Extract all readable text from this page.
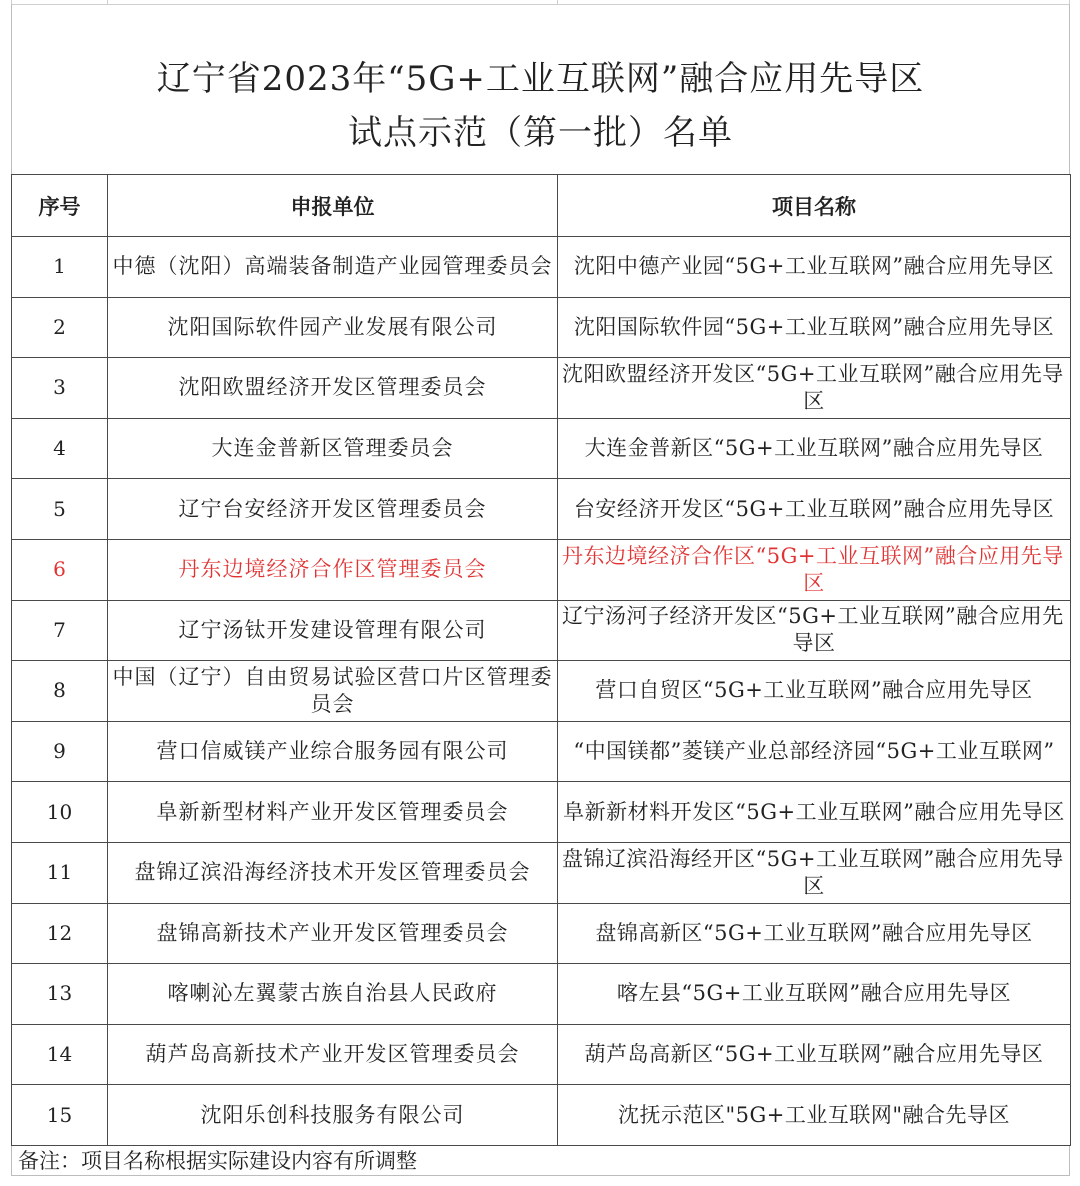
辽宁省2023年“5G+工业互联网”融合应用先导区
试点示范（第一批）名单
序号	申报单位	项目名称
1	中德（沈阳）高端装备制造产业园管理委员会	沈阳中德产业园“5G+工业互联网”融合应用先导区
2	沈阳国际软件园产业发展有限公司	沈阳国际软件园“5G+工业互联网”融合应用先导区
3	沈阳欧盟经济开发区管理委员会	沈阳欧盟经济开发区“5G+工业互联网”融合应用先导区
4	大连金普新区管理委员会	大连金普新区“5G+工业互联网”融合应用先导区
5	辽宁台安经济开发区管理委员会	台安经济开发区“5G+工业互联网”融合应用先导区
6	丹东边境经济合作区管理委员会	丹东边境经济合作区“5G+工业互联网”融合应用先导区
7	辽宁汤钛开发建设管理有限公司	辽宁汤河子经济开发区“5G+工业互联网”融合应用先导区
8	中国（辽宁）自由贸易试验区营口片区管理委员会	营口自贸区“5G+工业互联网”融合应用先导区
9	营口信威镁产业综合服务园有限公司	“中国镁都”菱镁产业总部经济园“5G+工业互联网”
10	阜新新型材料产业开发区管理委员会	阜新新材料开发区“5G+工业互联网”融合应用先导区
11	盘锦辽滨沿海经济技术开发区管理委员会	盘锦辽滨沿海经开区“5G+工业互联网”融合应用先导区
12	盘锦高新技术产业开发区管理委员会	盘锦高新区“5G+工业互联网”融合应用先导区
13	喀喇沁左翼蒙古族自治县人民政府	喀左县“5G+工业互联网”融合应用先导区
14	葫芦岛高新技术产业开发区管理委员会	葫芦岛高新区“5G+工业互联网”融合应用先导区
15	沈阳乐创科技服务有限公司	沈抚示范区"5G+工业互联网"融合先导区
备注：项目名称根据实际建设内容有所调整
